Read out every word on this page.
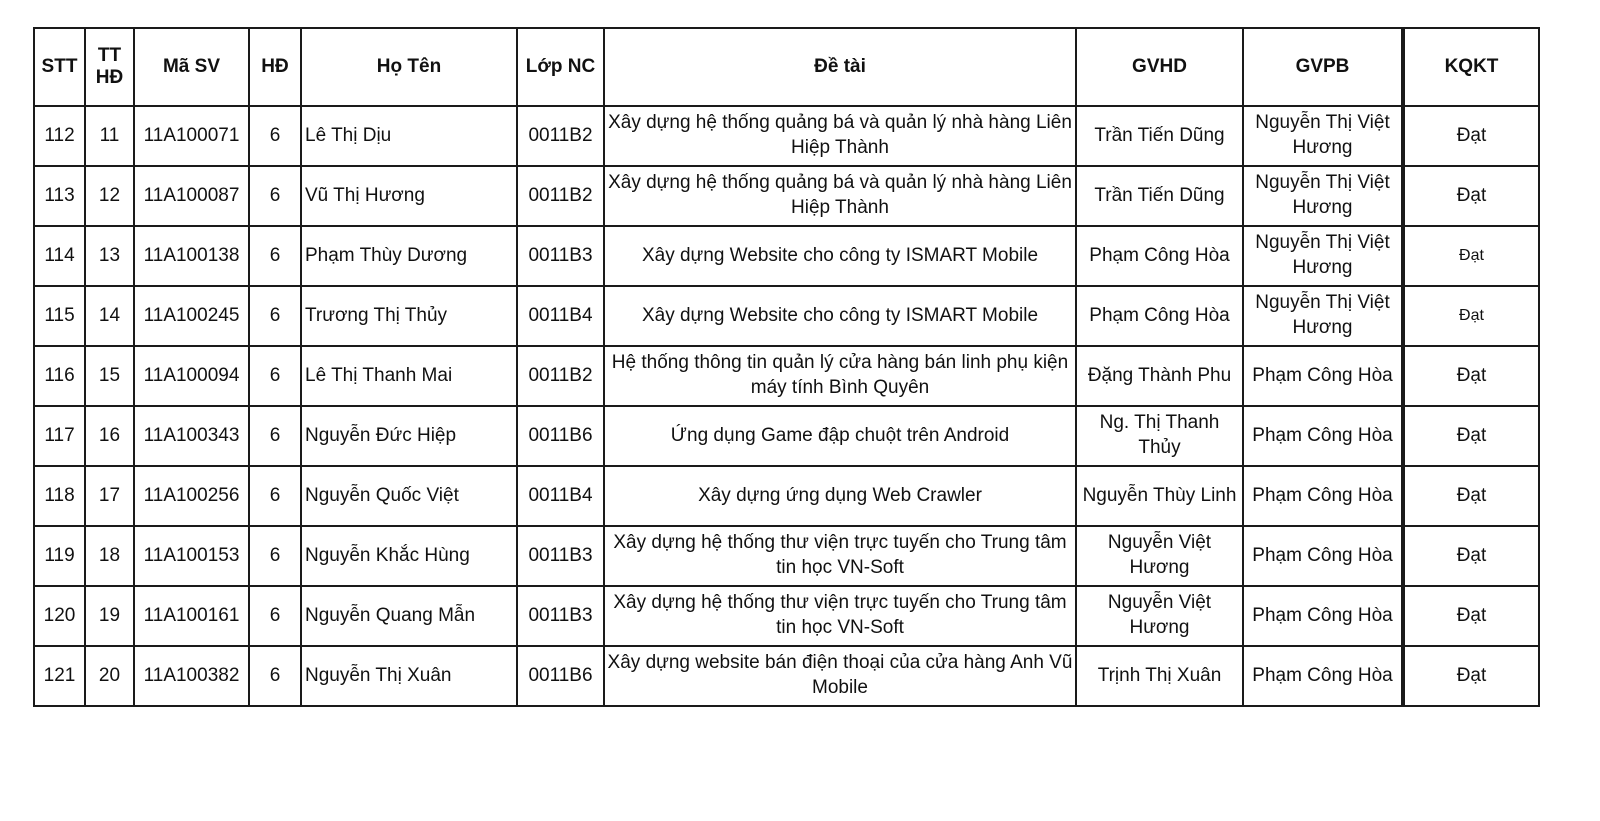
STT	TT HĐ	Mã SV	HĐ	Họ Tên	Lớp NC	Đề tài	GVHD	GVPB	KQKT
112	11	11A100071	6	Lê Thị Dịu	0011B2	Xây dựng hệ thống quảng bá và quản lý nhà hàng Liên Hiệp Thành	Trần Tiến Dũng	Nguyễn Thị Việt Hương	Đạt
113	12	11A100087	6	Vũ Thị Hương	0011B2	Xây dựng hệ thống quảng bá và quản lý nhà hàng Liên Hiệp Thành	Trần Tiến Dũng	Nguyễn Thị Việt Hương	Đạt
114	13	11A100138	6	Phạm Thùy Dương	0011B3	Xây dựng Website cho công ty ISMART Mobile	Phạm Công Hòa	Nguyễn Thị Việt Hương	Đạt
115	14	11A100245	6	Trương Thị Thủy	0011B4	Xây dựng Website cho công ty ISMART Mobile	Phạm Công Hòa	Nguyễn Thị Việt Hương	Đạt
116	15	11A100094	6	Lê Thị Thanh Mai	0011B2	Hệ thống thông tin quản lý cửa hàng bán linh phụ kiện máy tính Bình Quyên	Đặng Thành Phu	Phạm Công Hòa	Đạt
117	16	11A100343	6	Nguyễn Đức Hiệp	0011B6	Ứng dụng Game đập chuột trên Android	Ng. Thị Thanh Thủy	Phạm Công Hòa	Đạt
118	17	11A100256	6	Nguyễn Quốc Việt	0011B4	Xây dựng ứng dụng Web Crawler	Nguyễn Thùy Linh	Phạm Công Hòa	Đạt
119	18	11A100153	6	Nguyễn Khắc Hùng	0011B3	Xây dựng hệ thống thư viện trực tuyến cho Trung tâm tin học VN-Soft	Nguyễn Việt Hương	Phạm Công Hòa	Đạt
120	19	11A100161	6	Nguyễn Quang Mẫn	0011B3	Xây dựng hệ thống thư viện trực tuyến cho Trung tâm tin học VN-Soft	Nguyễn Việt Hương	Phạm Công Hòa	Đạt
121	20	11A100382	6	Nguyễn Thị Xuân	0011B6	Xây dựng website bán điện thoại của cửa hàng Anh Vũ Mobile	Trịnh Thị Xuân	Phạm Công Hòa	Đạt
